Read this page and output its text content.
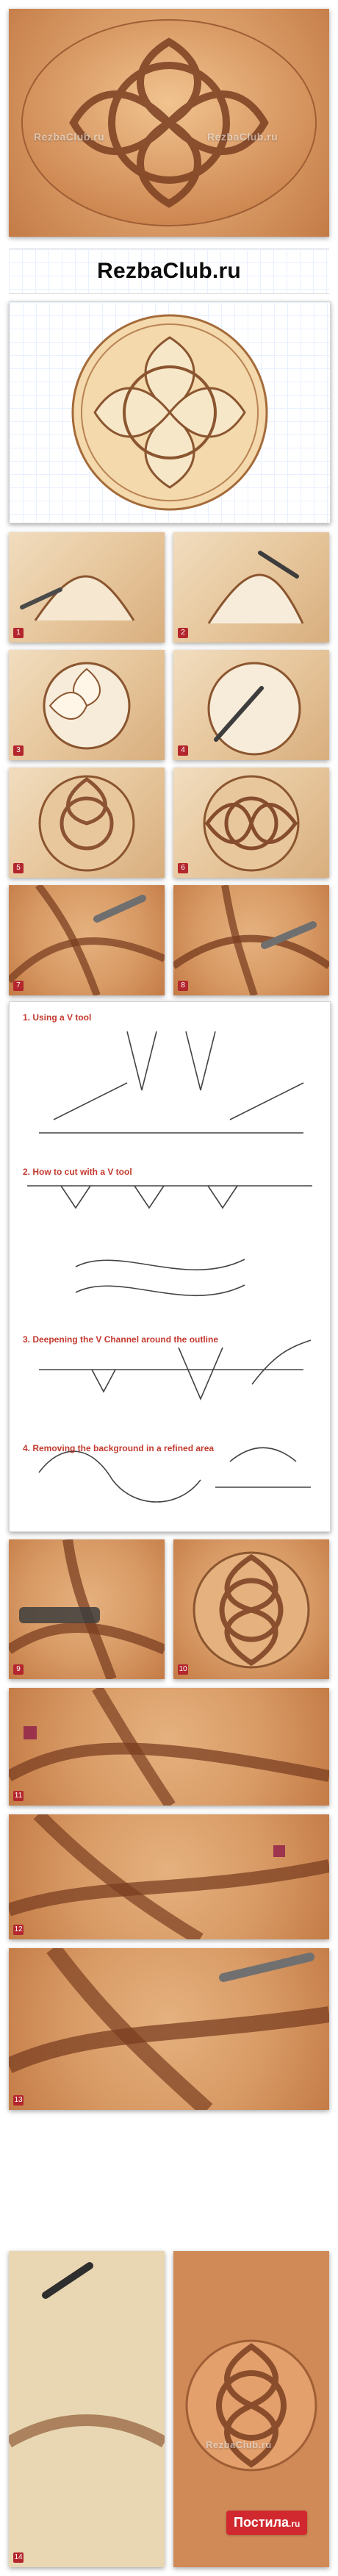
RezbaClub.ru	RezbaClub.ru
RezbaClub.ru
1	2
3	4
5	6
7	8
1. Using a V tool
2. How to cut with a V tool
3. Deepening the V Channel around the outline
4. Removing the background in a refined area
9	10
11
12
13
14
RezbaClub.ru
Постила.ru
